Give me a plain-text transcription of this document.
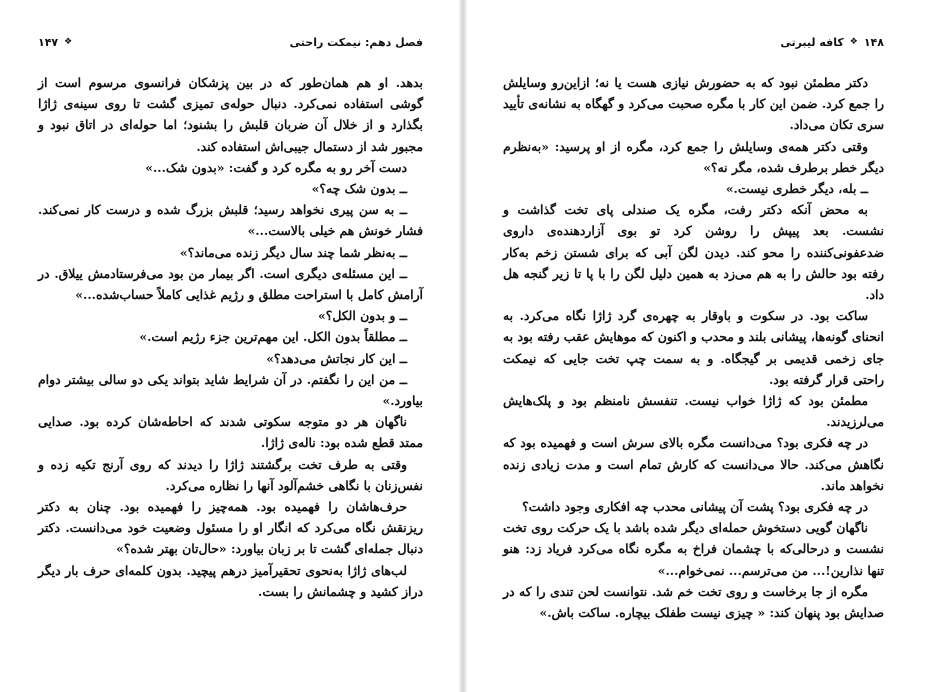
فصل دهم: نیمکت راحتی
❖
۱۴۷

بدهد. او هم همان‌طور که در بین پزشکان فرانسوی مرسوم است از گوشی استفاده نمی‌کرد. دنبال حوله‌ی تمیزی گشت تا روی سینه‌ی ژاژا بگذارد و از خلال آن ضربان قلبش را بشنود؛ اما حوله‌ای در اتاق نبود و مجبور شد از دستمال جیبی‌اش استفاده کند.

دست آخر رو به مگره کرد و گفت: «بدون شک...»

ــ بدون شک چه؟»

ــ به سن پیری نخواهد رسید؛ قلبش بزرگ شده و درست کار نمی‌کند. فشار خونش هم خیلی بالاست...»

ــ به‌نظر شما چند سال دیگر زنده می‌ماند؟»

ــ این مسئله‌ی دیگری است. اگر بیمار من بود می‌فرستادمش ییلاق. در آرامش کامل با استراحت مطلق و رژیم غذایی کاملاً حساب‌شده...»

ــ و بدون الکل؟»

ــ مطلقاً بدون الکل. این مهم‌ترین جزء رژیم است.»

ــ این کار نجاتش می‌دهد؟»

ــ من این را نگفتم. در آن شرایط شاید بتواند یکی دو سالی بیشتر دوام بیاورد.»

ناگهان هر دو متوجه سکوتی شدند که احاطه‌شان کرده بود. صدایی ممتد قطع شده بود: ناله‌ی ژاژا.

وقتی به طرف تخت برگشتند ژاژا را دیدند که روی آرنج تکیه زده و نفس‌زنان با نگاهی خشم‌آلود آنها را نظاره می‌کرد.

حرف‌هاشان را فهمیده بود. همه‌چیز را فهمیده بود. چنان به دکتر ریزنقش نگاه می‌کرد که انگار او را مسئول وضعیت خود می‌دانست. دکتر دنبال جمله‌ای گشت تا بر زبان بیاورد: «حال‌تان بهتر شده؟»

لب‌های ژاژا به‌نحوی تحقیرآمیز درهم پیچید. بدون کلمه‌ای حرف بار دیگر دراز کشید و چشمانش را بست.

۱۴۸
❖
کافه لیبرتی

دکتر مطمئن نبود که به حضورش نیازی هست یا نه؛ ازاین‌رو وسایلش را جمع کرد. ضمن این کار با مگره صحبت می‌کرد و گهگاه به نشانه‌ی تأیید سری تکان می‌داد.

وقتی دکتر همه‌ی وسایلش را جمع کرد، مگره از او پرسید: «به‌نظرم دیگر خطر برطرف شده، مگر نه؟»

ــ بله، دیگر خطری نیست.»

به محض آنکه دکتر رفت، مگره یک صندلی پای تخت گذاشت و نشست. بعد پیپش را روشن کرد تو بوی آزاردهنده‌ی داروی ضدعفونی‌کننده را محو کند. دیدن لگن آبی که برای شستن زخم به‌کار رفته بود حالش را به هم می‌زد به همین دلیل لگن را با پا تا زیر گنجه هل داد.

ساکت بود. در سکوت و باوقار به چهره‌ی گرد ژاژا نگاه می‌کرد. به انحنای گونه‌ها، پیشانی بلند و محدب و اکنون که موهایش عقب رفته بود به جای زخمی قدیمی بر گیجگاه. و به سمت چپ تخت جایی که نیمکت راحتی قرار گرفته بود.

مطمئن بود که ژاژا خواب نیست. تنفسش نامنظم بود و پلک‌هایش می‌لرزیدند.

در چه فکری بود؟ می‌دانست مگره بالای سرش است و فهمیده بود که نگاهش می‌کند. حالا می‌دانست که کارش تمام است و مدت زیادی زنده نخواهد ماند.

در چه فکری بود؟ پشت آن پیشانی محدب چه افکاری وجود داشت؟

ناگهان گویی دستخوش حمله‌ای دیگر شده باشد با یک حرکت روی تخت نشست و درحالی‌که با چشمان فراخ به مگره نگاه می‌کرد فریاد زد: هنو تنها نذارین!... من می‌ترسم... نمی‌خوام...»

مگره از جا برخاست و روی تخت خم شد. نتوانست لحن تندی را که در صدایش بود پنهان کند: « چیزی نیست طفلک بیچاره. ساکت باش.»
